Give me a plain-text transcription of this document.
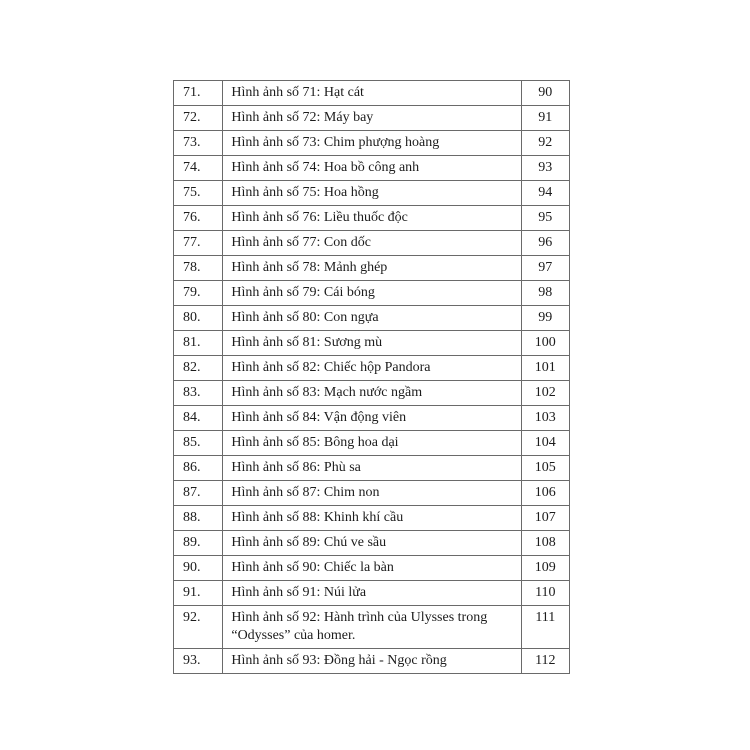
71.	Hình ảnh số 71: Hạt cát	90
72.	Hình ảnh số 72: Máy bay	91
73.	Hình ảnh số 73: Chim phượng hoàng	92
74.	Hình ảnh số 74: Hoa bồ công anh	93
75.	Hình ảnh số 75: Hoa hồng	94
76.	Hình ảnh số 76: Liều thuốc độc	95
77.	Hình ảnh số 77: Con dốc	96
78.	Hình ảnh số 78: Mảnh ghép	97
79.	Hình ảnh số 79: Cái bóng	98
80.	Hình ảnh số 80: Con ngựa	99
81.	Hình ảnh số 81: Sương mù	100
82.	Hình ảnh số 82: Chiếc hộp Pandora	101
83.	Hình ảnh số 83: Mạch nước ngầm	102
84.	Hình ảnh số 84: Vận động viên	103
85.	Hình ảnh số 85: Bông hoa dại	104
86.	Hình ảnh số 86: Phù sa	105
87.	Hình ảnh số 87: Chim non	106
88.	Hình ảnh số 88: Khinh khí cầu	107
89.	Hình ảnh số 89: Chú ve sầu	108
90.	Hình ảnh số 90: Chiếc la bàn	109
91.	Hình ảnh số 91: Núi lửa	110
92.	Hình ảnh số 92: Hành trình của Ulysses trong “Odysses” của homer.	111
93.	Hình ảnh số 93: Đồng hải - Ngọc rồng	112
